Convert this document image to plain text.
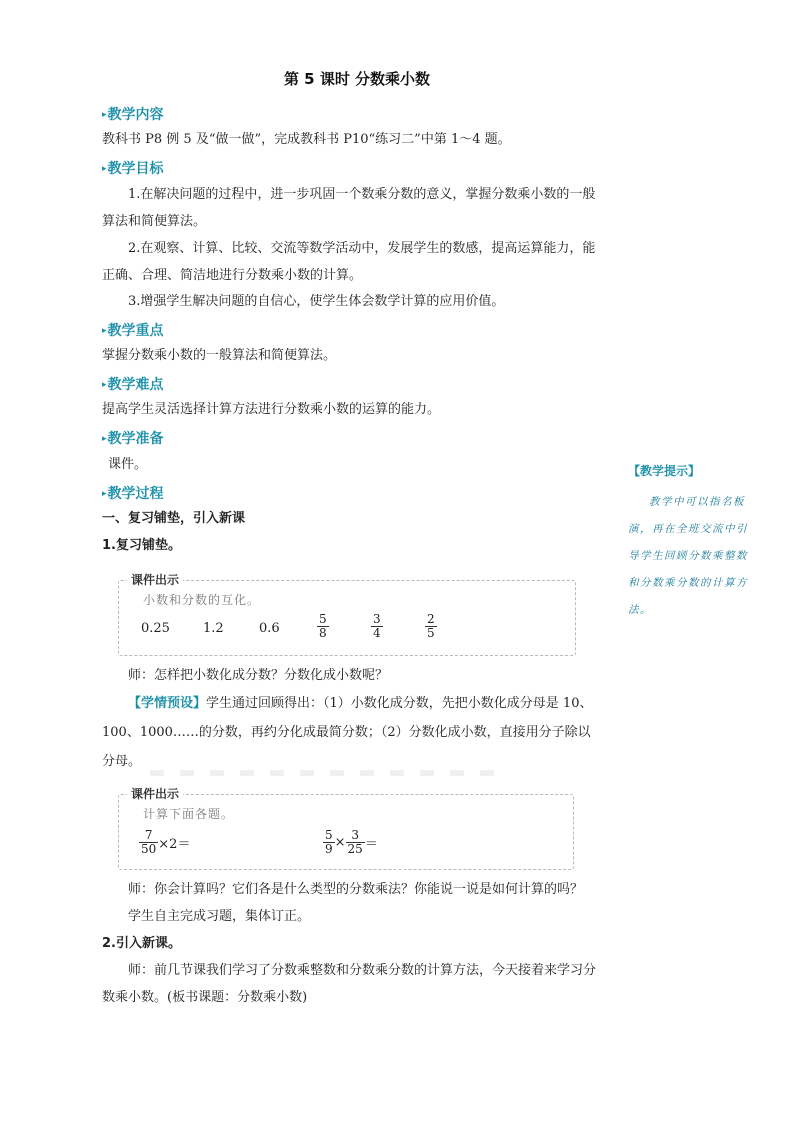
第 5 课时 分数乘小数
▸教学内容
教科书 P8 例 5 及“做一做”，完成教科书 P10“练习二”中第 1～4 题。
▸教学目标
1.在解决问题的过程中，进一步巩固一个数乘分数的意义，掌握分数乘小数的一般算法和简便算法。
2.在观察、计算、比较、交流等数学活动中，发展学生的数感，提高运算能力，能正确、合理、简洁地进行分数乘小数的计算。
3.增强学生解决问题的自信心，使学生体会数学计算的应用价值。
▸教学重点
掌握分数乘小数的一般算法和简便算法。
▸教学难点
提高学生灵活选择计算方法进行分数乘小数的运算的能力。
▸教学准备
课件。
▸教学过程
一、复习铺垫，引入新课
1.复习铺垫。
课件出示
小数和分数的互化。
0.25	1.2	0.6
5
8
3
4
2
5
师：怎样把小数化成分数？分数化成小数呢？
【学情预设】学生通过回顾得出：（1）小数化成分数，先把小数化成分母是 10、100、1000……的分数，再约分化成最简分数；（2）分数化成小数，直接用分子除以分母。
课件出示
计算下面各题。
$\frac{7}{50} \times 2=$	$\frac{5}{9} \times \frac{3}{25}$ ＝
师：你会计算吗？它们各是什么类型的分数乘法？你能说一说是如何计算的吗？
学生自主完成习题，集体订正。
2.引入新课。
师：前几节课我们学习了分数乘整数和分数乘分数的计算方法，今天接着来学习分数乘小数。(板书课题：分数乘小数)
【教学提示】
教学中可以指名板演，再在全班交流中引导学生回顾分数乘整数和分数乘分数的计算方法。
